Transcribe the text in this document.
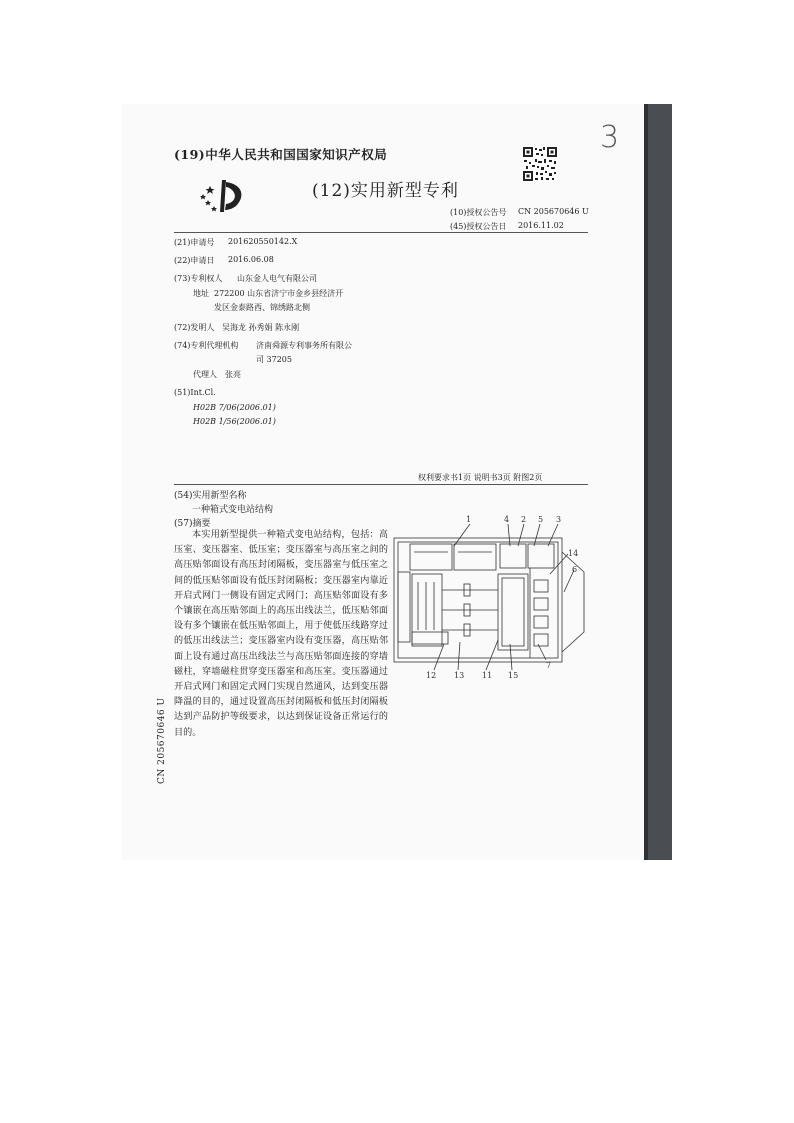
3
(19)中华人民共和国国家知识产权局
(12)实用新型专利
(10)授权公告号 CN 205670646 U
(45)授权公告日 2016.11.02
(21)申请号 201620550142.X
(22)申请日 2016.06.08
(73)专利权人 山东金人电气有限公司
地址 272200 山东省济宁市金乡县经济开
发区金泰路西、锦绣路北侧
(72)发明人 吴海龙 孙秀娟 陈永刚
(74)专利代理机构 济南舜源专利事务所有限公
司 37205
代理人 张亮
(51)Int.Cl.
H02B 7/06(2006.01)
H02B 1/56(2006.01)
权利要求书1页 说明书3页 附图2页
(54)实用新型名称
一种箱式变电站结构
(57)摘要

本实用新型提供一种箱式变电站结构，包括：高压室、变压器室、低压室；变压器室与高压室之间的高压贴邻面设有高压封闭隔板，变压器室与低压室之间的低压贴邻面设有低压封闭隔板；变压器室内靠近开启式网门一侧设有固定式网门；高压贴邻面设有多个镶嵌在高压贴邻面上的高压出线法兰，低压贴邻面设有多个镶嵌在低压贴邻面上，用于使低压线路穿过的低压出线法兰；变压器室内设有变压器，高压贴邻面上设有通过高压出线法兰与高压贴邻面连接的穿墙磁柱，穿墙磁柱贯穿变压器室和高压室。变压器通过开启式网门和固定式网门实现自然通风，达到变压器降温的目的，通过设置高压封闭隔板和低压封闭隔板达到产品防护等级要求，以达到保证设备正常运行的目的。

CN 205670646 U
1	4 2 5 3
14
6
7
12 13 11 15
